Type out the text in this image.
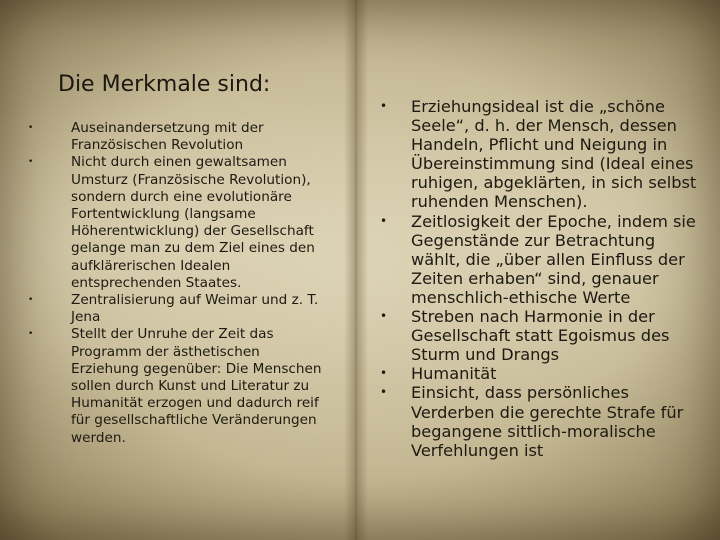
Die Merkmale sind:
•	Auseinandersetzung mit der Französischen Revolution
•	Nicht durch einen gewaltsamen Umsturz (Französische Revolution), sondern durch eine evolutionäre Fortentwicklung (langsame Höherentwicklung) der Gesellschaft gelange man zu dem Ziel eines den aufklärerischen Idealen entsprechenden Staates.
•	Zentralisierung auf Weimar und z. T. Jena
•	Stellt der Unruhe der Zeit das Programm der ästhetischen Erziehung gegenüber: Die Menschen sollen durch Kunst und Literatur zu Humanität erzogen und dadurch reif für gesellschaftliche Veränderungen werden.
•	Erziehungsideal ist die „schöne Seele“, d. h. der Mensch, dessen Handeln, Pflicht und Neigung in Übereinstimmung sind (Ideal eines ruhigen, abgeklärten, in sich selbst ruhenden Menschen).
•	Zeitlosigkeit der Epoche, indem sie Gegenstände zur Betrachtung wählt, die „über allen Einfluss der Zeiten erhaben“ sind, genauer menschlich-ethische Werte
•	Streben nach Harmonie in der Gesellschaft statt Egoismus des Sturm und Drangs
•	Humanität
•	Einsicht, dass persönliches Verderben die gerechte Strafe für begangene sittlich-moralische Verfehlungen ist
